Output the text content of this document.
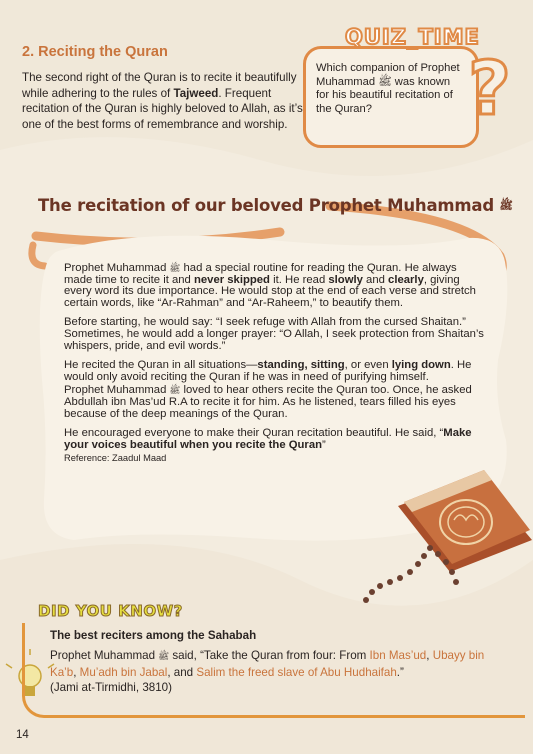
2. Reciting the Quran
The second right of the Quran is to recite it beautifully while adhering to the rules of Tajweed. Frequent recitation of the Quran is highly beloved to Allah, as it’s one of the best forms of remembrance and worship.
QUIZ_TIME
Which companion of Prophet Muhammad ﷺ was known for his beautiful recitation of the Quran?	?
The recitation of our beloved Prophet Muhammad ﷺ

Prophet Muhammad ﷺ had a special routine for reading the Quran. He always made time to recite it and never skipped it. He read slowly and clearly, giving every word its due importance. He would stop at the end of each verse and stretch certain words, like “Ar-Rahman” and “Ar-Raheem,” to beautify them.

Before starting, he would say: “I seek refuge with Allah from the cursed Shaitan.”

Sometimes, he would add a longer prayer: “O Allah, I seek protection from Shaitan’s whispers, pride, and evil words.”

He recited the Quran in all situations—standing, sitting, or even lying down. He would only avoid reciting the Quran if he was in need of purifying himself.

Prophet Muhammad ﷺ loved to hear others recite the Quran too. Once, he asked Abdullah ibn Mas’ud R.A to recite it for him. As he listened, tears filled his eyes because of the deep meanings of the Quran.

He encouraged everyone to make their Quran recitation beautiful. He said, “Make your voices beautiful when you recite the Quran”

Reference: Zaadul Maad

DID YOU KNOW?
The best reciters among the Sahabah
Prophet Muhammad ﷺ said, “Take the Quran from four: From Ibn Mas’ud, Ubayy bin Ka’b, Mu’adh bin Jabal, and Salim the freed slave of Abu Hudhaifah.”
(Jami at-Tirmidhi, 3810)
14
